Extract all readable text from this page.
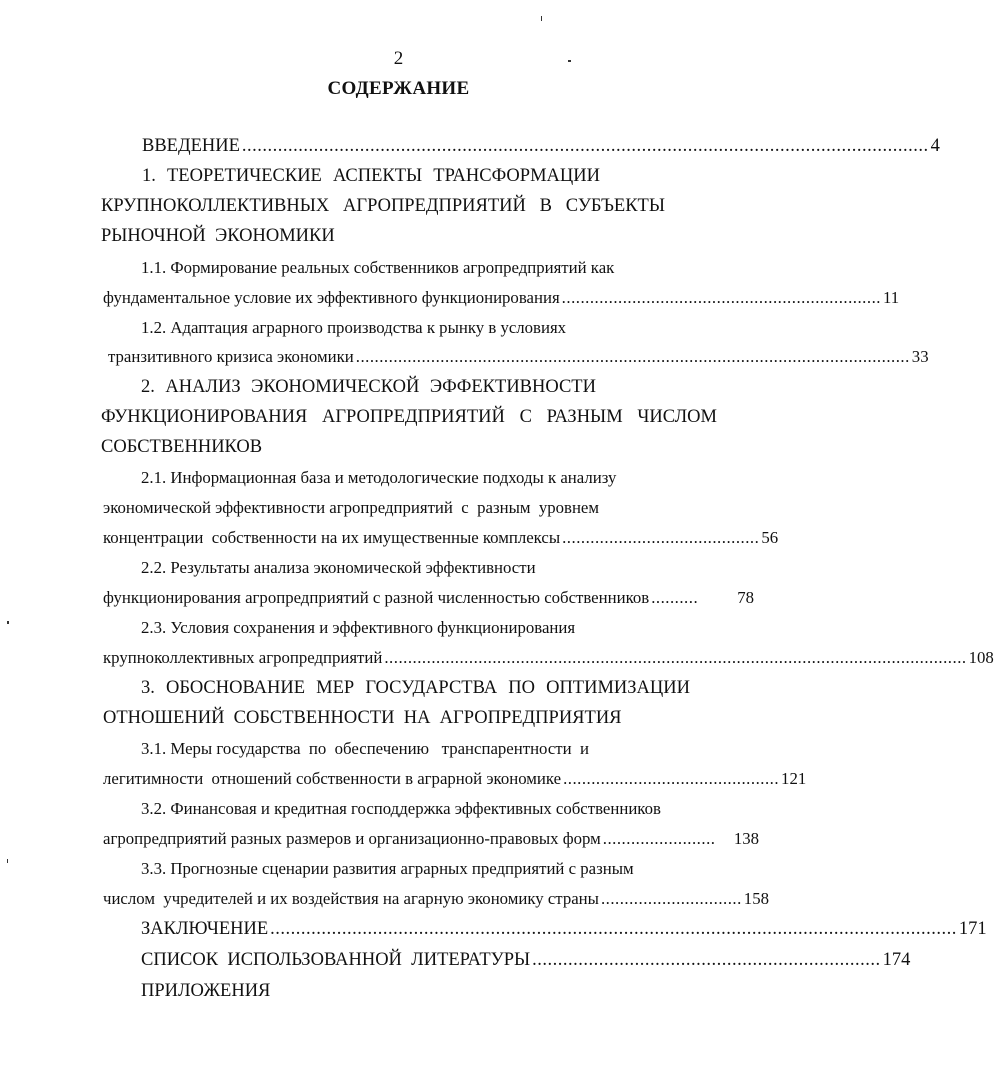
2
СОДЕРЖАНИЕ
ВВЕДЕНИЕ ...................................................................................................................................... 4
1. ТЕОРЕТИЧЕСКИЕ АСПЕКТЫ ТРАНСФОРМАЦИИ
КРУПНОКОЛЛЕКТИВНЫХ АГРОПРЕДПРИЯТИЙ В СУБЪЕКТЫ
РЫНОЧНОЙ  ЭКОНОМИКИ
1.1. Формирование реальных собственников агропредприятий как
фундаментальное условие их эффективного функционирования .................................................................... 11
1.2. Адаптация аграрного производства к рынку в условиях
транзитивного кризиса экономики ...................................................................................................................... 33
2. АНАЛИЗ ЭКОНОМИЧЕСКОЙ ЭФФЕКТИВНОСТИ
ФУНКЦИОНИРОВАНИЯ АГРОПРЕДПРИЯТИЙ С РАЗНЫМ ЧИСЛОМ
СОБСТВЕННИКОВ
2.1. Информационная база и методологические подходы к анализу
экономической эффективности агропредприятий  с  разным  уровнем
концентрации  собственности на их имущественные комплексы .......................................... 56
2.2. Результаты анализа экономической эффективности
функционирования агропредприятий с разной численностью собственников ..........	78
2.3. Условия сохранения и эффективного функционирования
крупноколлективных агропредприятий ............................................................................................................................ 108
3. ОБОСНОВАНИЕ МЕР ГОСУДАРСТВА ПО ОПТИМИЗАЦИИ
ОТНОШЕНИЙ  СОБСТВЕННОСТИ  НА  АГРОПРЕДПРИЯТИЯ
3.1. Меры государства  по  обеспечению   транспарентности  и
легитимности  отношений собственности в аграрной экономике .............................................. 121
3.2. Финансовая и кредитная господдержка эффективных собственников
агропредприятий разных размеров и организационно-правовых форм ........................	138
3.3. Прогнозные сценарии развития аграрных предприятий с разным
числом  учредителей и их воздействия на агарную экономику страны .............................. 158
ЗАКЛЮЧЕНИЕ ...................................................................................................................................... 171
СПИСОК  ИСПОЛЬЗОВАННОЙ  ЛИТЕРАТУРЫ .................................................................... 174
ПРИЛОЖЕНИЯ
